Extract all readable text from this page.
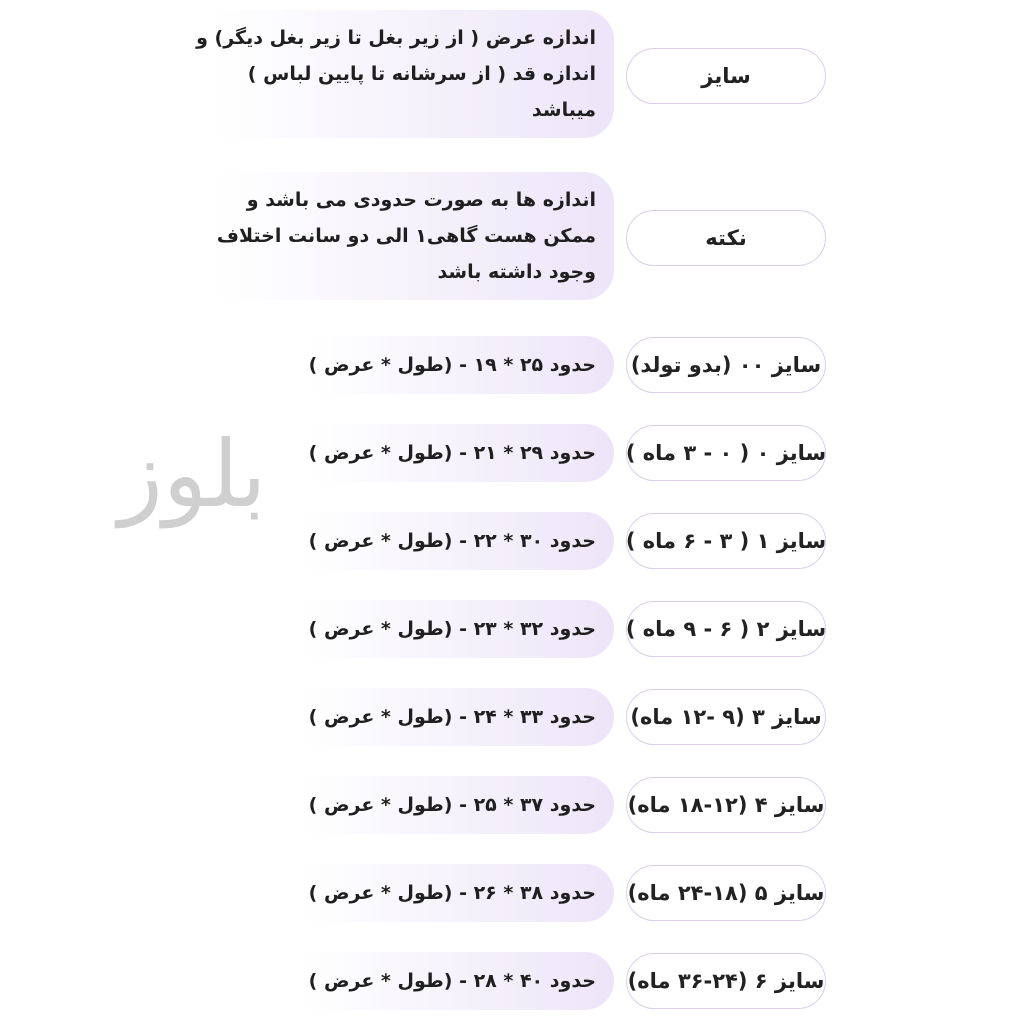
بلوز
سایز
اندازه عرض ( از زیر بغل تا زیر بغل دیگر) و
اندازه قد ( از سرشانه تا پایین لباس )
میباشد
نکته
اندازه ها به صورت حدودی می باشد و
ممکن هست گاهی۱ الی دو سانت اختلاف
وجود داشته باشد
سایز ۰۰ (بدو تولد)
حدود ۲۵ * ۱۹ - (طول * عرض )
سایز ۰ ( ۰ - ۳ ماه )
حدود ۲۹ * ۲۱ - (طول * عرض )
سایز ۱ ( ۳ - ۶ ماه )
حدود ۳۰ * ۲۲ - (طول * عرض )
سایز ۲ ( ۶ - ۹ ماه )
حدود ۳۲ * ۲۳ - (طول * عرض )
سایز ۳ (۹ -۱۲ ماه)
حدود ۳۳ * ۲۴ - (طول * عرض )
سایز ۴ (۱۲-۱۸ ماه)
حدود ۳۷ * ۲۵ - (طول * عرض )
سایز ۵ (۱۸-۲۴ ماه)
حدود ۳۸ * ۲۶ - (طول * عرض )
سایز ۶ (۲۴-۳۶ ماه)
حدود ۴۰ * ۲۸ - (طول * عرض )
